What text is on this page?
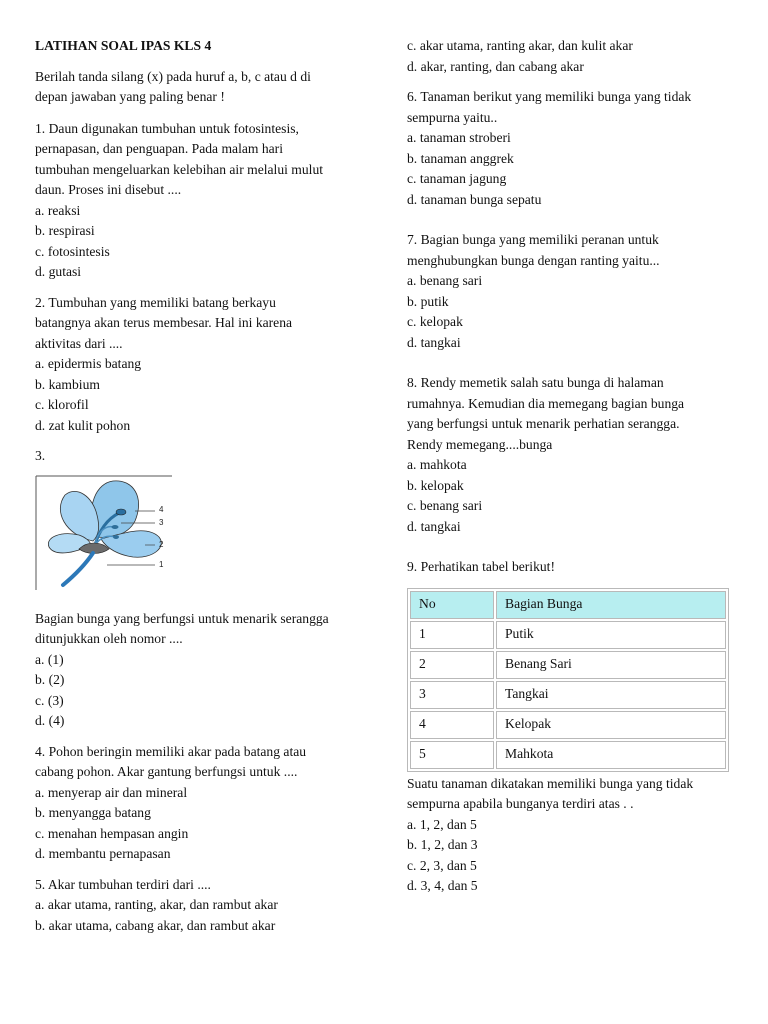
LATIHAN SOAL IPAS KLS 4

Berilah tanda silang (x) pada huruf a, b, c atau d di
depan jawaban yang paling benar !

1. Daun digunakan tumbuhan untuk fotosintesis,

pernapasan, dan penguapan. Pada malam hari

tumbuhan mengeluarkan kelebihan air melalui mulut

daun. Proses ini disebut ....

a. reaksi

b. respirasi

c. fotosintesis

d. gutasi

2. Tumbuhan yang memiliki batang berkayu

batangnya akan terus membesar. Hal ini karena

aktivitas dari ....

a. epidermis batang

b. kambium

c. klorofil

d. zat kulit pohon

3.

4
3
2
1

Bagian bunga yang berfungsi untuk menarik serangga

ditunjukkan oleh nomor ....

a. (1)

b. (2)

c. (3)

d. (4)

4. Pohon beringin memiliki akar pada batang atau

cabang pohon. Akar gantung berfungsi untuk ....

a. menyerap air dan mineral

b. menyangga batang

c. menahan hempasan angin

d. membantu pernapasan

5. Akar tumbuhan terdiri dari ....

a. akar utama, ranting, akar, dan rambut akar

b. akar utama, cabang akar, dan rambut akar

c. akar utama, ranting akar, dan kulit akar

d. akar, ranting, dan cabang akar

6. Tanaman berikut yang memiliki bunga yang tidak

sempurna yaitu..

a. tanaman stroberi

b. tanaman anggrek

c. tanaman jagung

d. tanaman bunga sepatu

7. Bagian bunga yang memiliki peranan untuk

menghubungkan bunga dengan ranting yaitu...

a. benang sari

b. putik

c. kelopak

d. tangkai

8. Rendy memetik salah satu bunga di halaman

rumahnya. Kemudian dia memegang bagian bunga

yang berfungsi untuk menarik perhatian serangga.

Rendy memegang....bunga

a. mahkota

b. kelopak

c. benang sari

d. tangkai

9. Perhatikan tabel berikut!

No	Bagian Bunga
1	Putik
2	Benang Sari
3	Tangkai
4	Kelopak
5	Mahkota

Suatu tanaman dikatakan memiliki bunga yang tidak

sempurna apabila bunganya terdiri atas . .

a. 1, 2, dan 5

b. 1, 2, dan 3

c. 2, 3, dan 5

d. 3, 4, dan 5
